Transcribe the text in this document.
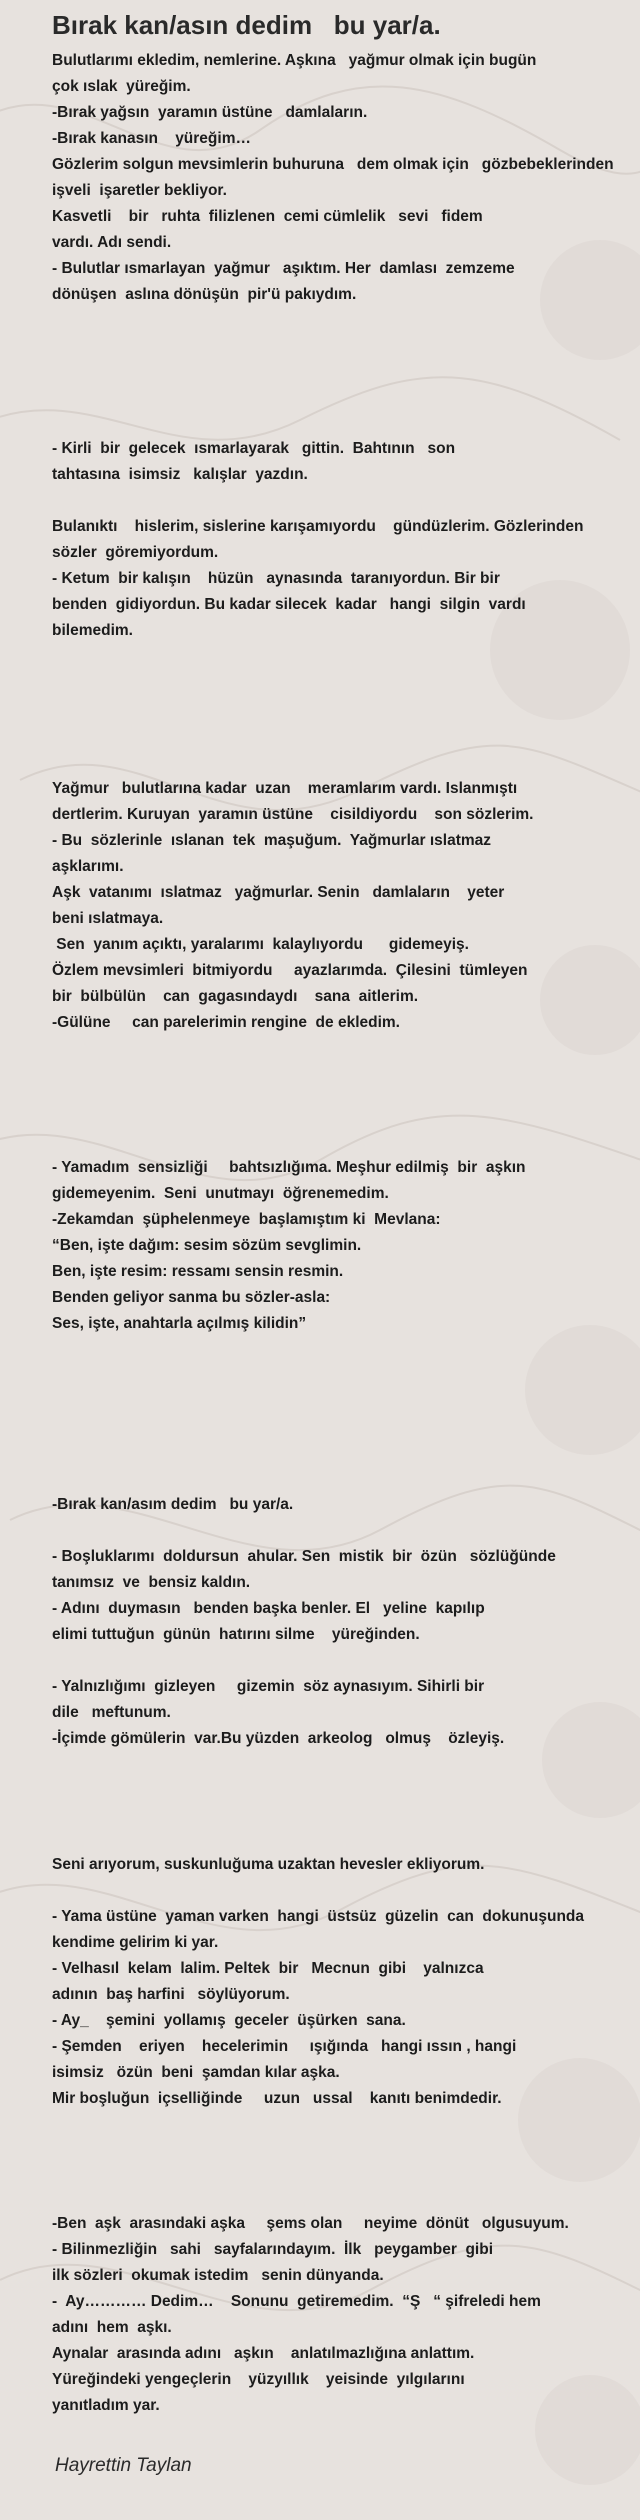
Bırak kan/asın dedim   bu yar/a.
Bulutlarımı ekledim, nemlerine. Aşkına   yağmur olmak için bugün
çok ıslak  yüreğim.
-Bırak yağsın  yaramın üstüne   damlaların.
-Bırak kanasın    yüreğim…
Gözlerim solgun mevsimlerin buhuruna   dem olmak için   gözbebeklerinden
işveli  işaretler bekliyor.
Kasvetli    bir   ruhta  filizlenen  cemi cümlelik   sevi   fidem
vardı. Adı sendi.
- Bulutlar ısmarlayan  yağmur   aşıktım. Her  damlası  zemzeme
dönüşen  aslına dönüşün  pir'ü pakıydım.
- Kirli  bir  gelecek  ısmarlayarak   gittin.  Bahtının   son
tahtasına  isimsiz   kalışlar  yazdın.
Bulanıktı    hislerim, sislerine karışamıyordu    gündüzlerim. Gözlerinden
sözler  göremiyordum.
- Ketum  bir kalışın    hüzün   aynasında  taranıyordun. Bir bir
benden  gidiyordun. Bu kadar silecek  kadar   hangi  silgin  vardı
bilemedim.
Yağmur   bulutlarına kadar  uzan    meramlarım vardı. Islanmıştı
dertlerim. Kuruyan  yaramın üstüne    cisildiyordu    son sözlerim.
- Bu  sözlerinle  ıslanan  tek  maşuğum.  Yağmurlar ıslatmaz
aşklarımı.
Aşk  vatanımı  ıslatmaz   yağmurlar. Senin   damlaların    yeter
beni ıslatmaya.
Sen  yanım açıktı, yaralarımı  kalaylıyordu      gidemeyiş.
Özlem mevsimleri  bitmiyordu     ayazlarımda.  Çilesini  tümleyen
bir  bülbülün    can  gagasındaydı    sana  aitlerim.
-Gülüne     can parelerimin rengine  de ekledim.
- Yamadım  sensizliği     bahtsızlığıma. Meşhur edilmiş  bir  aşkın
gidemeyenim.  Seni  unutmayı  öğrenemedim.
-Zekamdan  şüphelenmeye  başlamıştım ki  Mevlana:
“Ben, işte dağım: sesim sözüm sevglimin.
Ben, işte resim: ressamı sensin resmin.
Benden geliyor sanma bu sözler-asla:
Ses, işte, anahtarla açılmış kilidin”
-Bırak kan/asım dedim   bu yar/a.
- Boşluklarımı  doldursun  ahular. Sen  mistik  bir  özün   sözlüğünde
tanımsız  ve  bensiz kaldın.
- Adını  duymasın   benden başka benler. El   yeline  kapılıp
elimi tuttuğun  günün  hatırını silme    yüreğinden.
- Yalnızlığımı  gizleyen     gizemin  söz aynasıyım. Sihirli bir
dile   meftunum.
-İçimde gömülerin  var.Bu yüzden  arkeolog   olmuş    özleyiş.
Seni arıyorum, suskunluğuma uzaktan hevesler ekliyorum.
- Yama üstüne  yaman varken  hangi  üstsüz  güzelin  can  dokunuşunda
kendime gelirim ki yar.
- Velhasıl  kelam  lalim. Peltek  bir   Mecnun  gibi    yalnızca
adının  baş harfini   söylüyorum.
- Ay_    şemini  yollamış  geceler  üşürken  sana.
- Şemden    eriyen    hecelerimin     ışığında   hangi ıssın , hangi
isimsiz   özün  beni  şamdan kılar aşka.
Mir boşluğun  içselliğinde     uzun   ussal    kanıtı benimdedir.
-Ben  aşk  arasındaki aşka     şems olan     neyime  dönüt   olgusuyum.
- Bilinmezliğin   sahi   sayfalarındayım.  İlk   peygamber  gibi
ilk sözleri  okumak istedim   senin dünyanda.
-  Ay………… Dedim…    Sonunu  getiremedim.  “Ş   “ şifreledi hem
adını  hem  aşkı.
Aynalar  arasında adını   aşkın    anlatılmazlığına anlattım.
Yüreğindeki yengeçlerin    yüzyıllık    yeisinde  yılgılarını
yanıtladım yar.
Hayrettin Taylan
